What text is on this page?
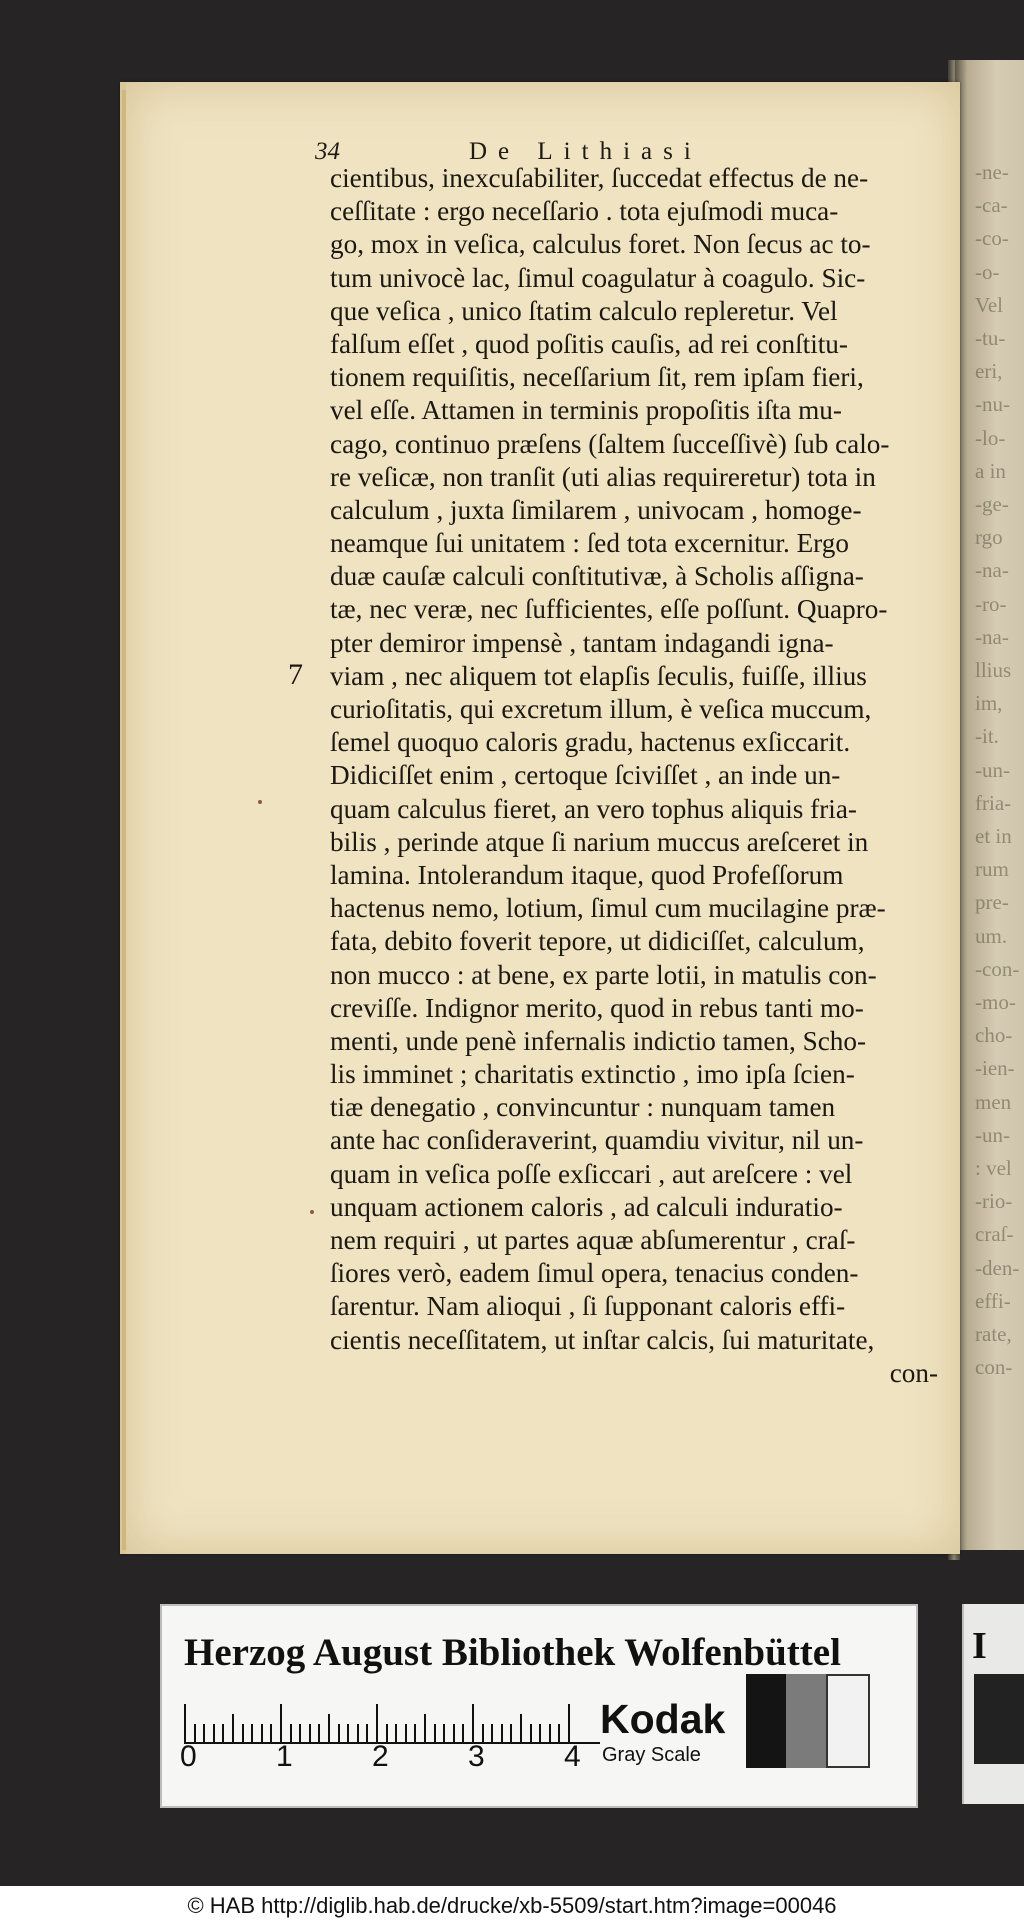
-ne-
-ca-
-co-
-o-
Vel
-tu-
eri,
-nu-
-lo-
a in
-ge-
rgo
-na-
-ro-
-na-
llius
im,
-it.
-un-
fria-
et in
rum
pre-
um.
-con-
-mo-
cho-
-ien-
men
-un-
: vel
-rio-
craſ-
-den-
effi-
rate,
con-
34	De Lithiasi
7
cientibus, inexcuſabiliter, ſuccedat effectus de ne-
ceſſitate : ergo neceſſario . tota ejuſmodi muca-
go, mox in veſica, calculus foret. Non ſecus ac to-
tum univocè lac, ſimul coagulatur à coagulo. Sic-
que veſica , unico ſtatim calculo repleretur. Vel
falſum eſſet , quod poſitis cauſis, ad rei conſtitu-
tionem requiſitis, neceſſarium ſit, rem ipſam fieri,
vel eſſe. Attamen in terminis propoſitis iſta mu-
cago, continuo præſens (ſaltem ſucceſſivè) ſub calo-
re veſicæ, non tranſit (uti alias requireretur) tota in
calculum , juxta ſimilarem , univocam , homoge-
neamque ſui unitatem : ſed tota excernitur. Ergo
duæ cauſæ calculi conſtitutivæ, à Scholis aſſigna-
tæ, nec veræ, nec ſufficientes, eſſe poſſunt. Quapro-
pter demiror impensè , tantam indagandi igna-
viam , nec aliquem tot elapſis ſeculis, fuiſſe, illius
curioſitatis, qui excretum illum, è veſica muccum,
ſemel quoquo caloris gradu, hactenus exſiccarit.
Didiciſſet enim , certoque ſciviſſet , an inde un-
quam calculus fieret, an vero tophus aliquis fria-
bilis , perinde atque ſi narium muccus areſceret in
lamina. Intolerandum itaque, quod Profeſſorum
hactenus nemo, lotium, ſimul cum mucilagine præ-
fata, debito foverit tepore, ut didiciſſet, calculum,
non mucco : at bene, ex parte lotii, in matulis con-
creviſſe. Indignor merito, quod in rebus tanti mo-
menti, unde penè infernalis indictio tamen, Scho-
lis imminet ; charitatis extinctio , imo ipſa ſcien-
tiæ denegatio , convincuntur : nunquam tamen
ante hac conſideraverint, quamdiu vivitur, nil un-
quam in veſica poſſe exſiccari , aut areſcere : vel
unquam actionem caloris , ad calculi induratio-
nem requiri , ut partes aquæ abſumerentur , craſ-
ſiores verò, eadem ſimul opera, tenacius conden-
ſarentur. Nam alioqui , ſi ſupponant caloris effi-
cientis neceſſitatem, ut inſtar calcis, ſui maturitate,
con-
Herzog August Bibliothek Wolfenbüttel
0	1	2	3	4
Kodak
Gray Scale
I
© HAB http://diglib.hab.de/drucke/xb-5509/start.htm?image=00046
